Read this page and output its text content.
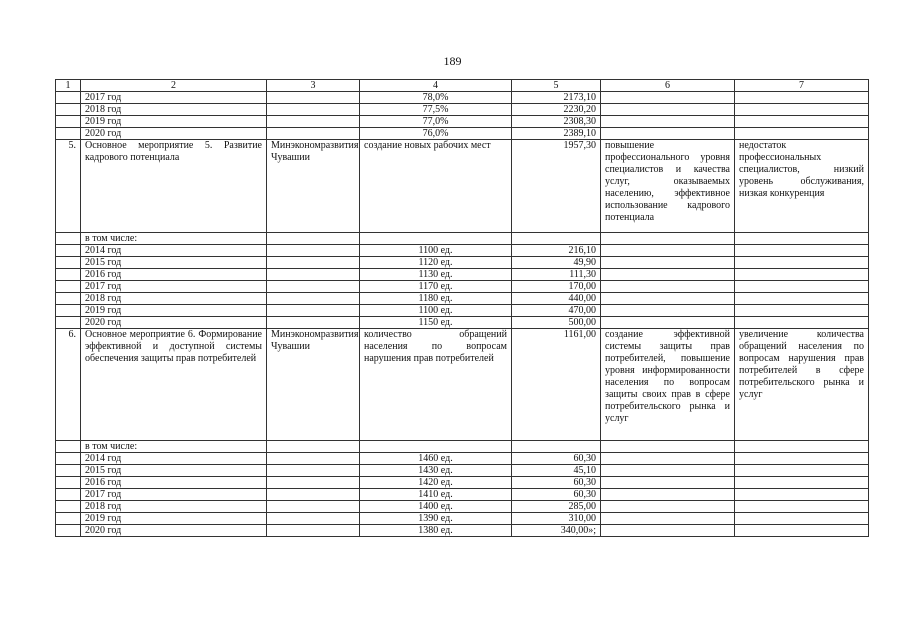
189
1	2	3	4	5	6	7
	2017 год		78,0%	2173,10		
	2018 год		77,5%	2230,20		
	2019 год		77,0%	2308,30		
	2020 год		76,0%	2389,10		
5.	Основное мероприятие 5. Развитие кадрового потенциала	Минэкономразвития Чувашии	создание новых рабочих мест	1957,30	повышение профессионального уровня специалистов и качества услуг, оказываемых населению, эффективное использование кадрового потенциала	недостаток профессиональных специалистов, низкий уровень обслуживания, низкая конкуренция
	в том числе:					
	2014 год		1100 ед.	216,10		
	2015 год		1120 ед.	49,90		
	2016 год		1130 ед.	111,30		
	2017 год		1170 ед.	170,00		
	2018 год		1180 ед.	440,00		
	2019 год		1100 ед.	470,00		
	2020 год		1150 ед.	500,00		
6.	Основное мероприятие 6. Формирование эффективной и доступной системы обеспечения защиты прав потребителей	Минэкономразвития Чувашии	количество обращений населения по вопросам нарушения прав потребителей	1161,00	создание эффективной системы защиты прав потребителей, повышение уровня информированности населения по вопросам защиты своих прав в сфере потребительского рынка и услуг	увеличение количества обращений населения по вопросам нарушения прав потребителей в сфере потребительского рынка и услуг
	в том числе:					
	2014 год		1460 ед.	60,30		
	2015 год		1430 ед.	45,10		
	2016 год		1420 ед.	60,30		
	2017 год		1410 ед.	60,30		
	2018 год		1400 ед.	285,00		
	2019 год		1390 ед.	310,00		
	2020 год		1380 ед.	340,00»;		
